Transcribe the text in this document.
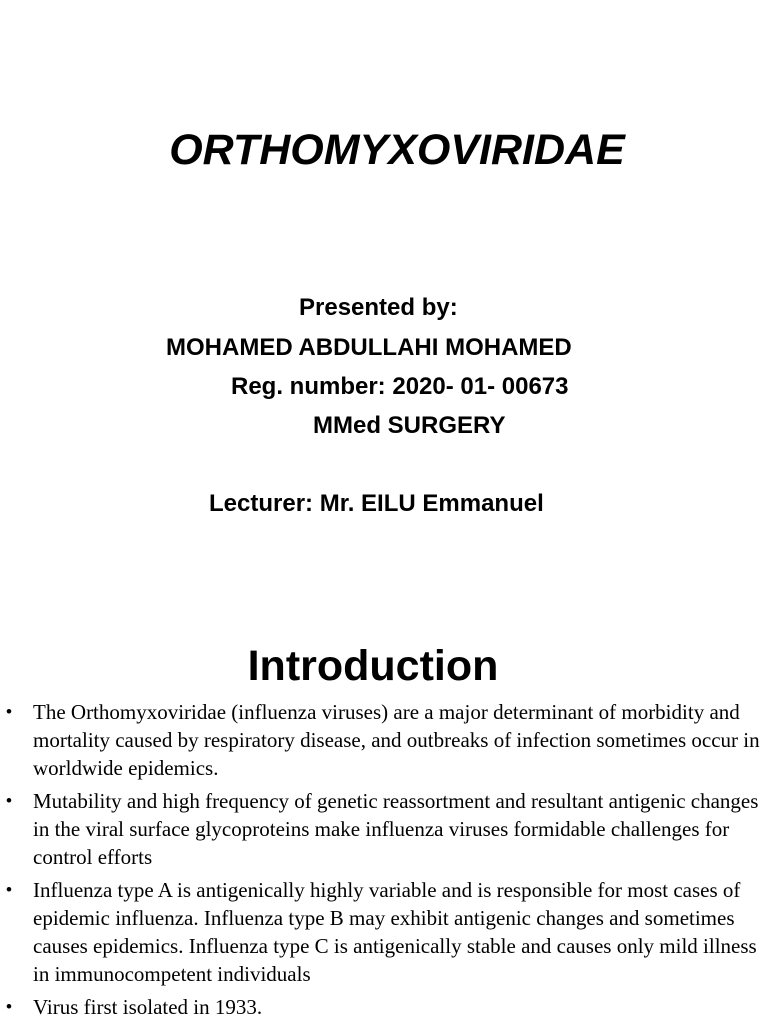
ORTHOMYXOVIRIDAE
Presented by:
MOHAMED ABDULLAHI MOHAMED
Reg. number: 2020- 01- 00673
MMed SURGERY
Lecturer: Mr. EILU Emmanuel
Introduction
• The Orthomyxoviridae (influenza viruses) are a major determinant of morbidity and mortality caused by respiratory disease, and outbreaks of infection sometimes occur in worldwide epidemics.
• Mutability and high frequency of genetic reassortment and resultant antigenic changes in the viral surface glycoproteins make influenza viruses formidable challenges for control efforts
• Influenza type A is antigenically highly variable and is responsible for most cases of epidemic influenza. Influenza type B may exhibit antigenic changes and sometimes causes epidemics. Influenza type C is antigenically stable and causes only mild illness in immunocompetent individuals
• Virus first isolated in 1933.
